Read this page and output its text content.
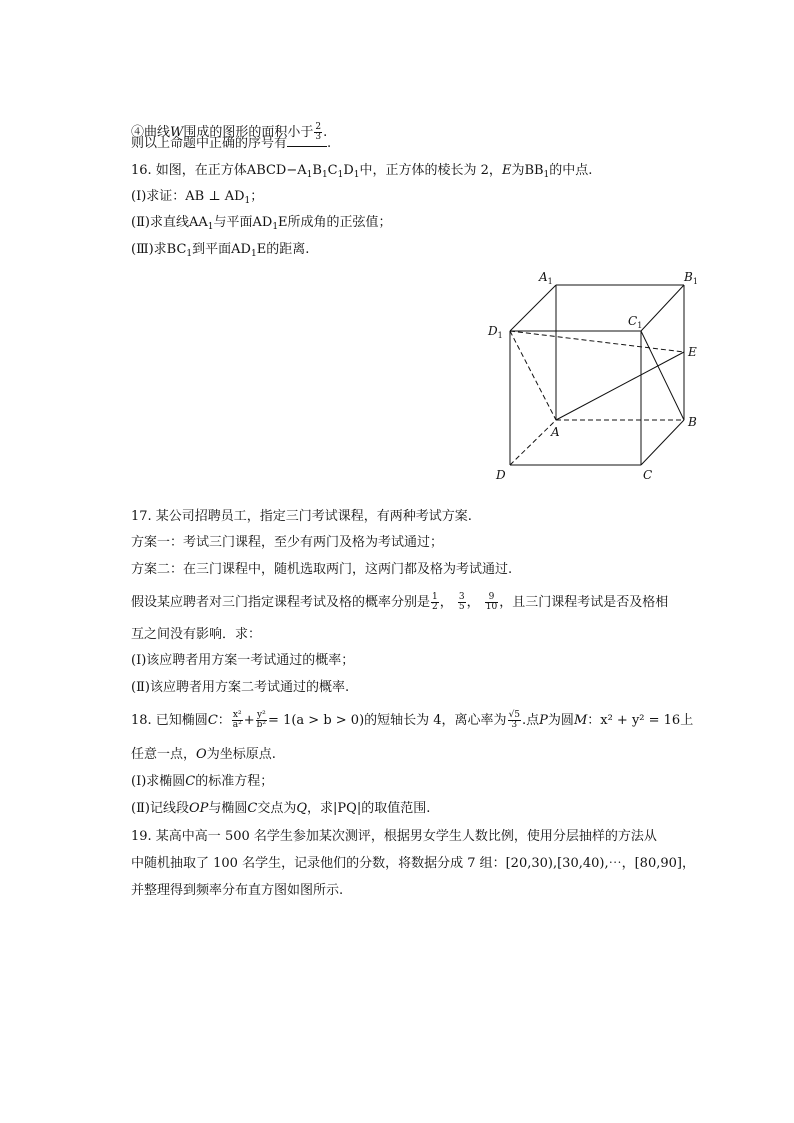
④曲线W围成的图形的面积小于 $\frac{2}{3}$ .
则以上命题中正确的序号有	.
16. 如图，在正方体$ABCD-A_1B_1C_1D_1$中，正方体的棱长为 2，E为$BB_1$的中点.
(Ⅰ)求证：AB ⊥ $AD_1$；
(Ⅱ)求直线$AA_1$与平面$AD_1E$所成角的正弦值；
(Ⅲ)求$BC_1$到平面$AD_1E$的距离.
$A_1$	$B_1$
$C_1$
$D_1$
E
A
B
C
D
17. 某公司招聘员工，指定三门考试课程，有两种考试方案.
方案一：考试三门课程，至少有两门及格为考试通过；
方案二：在三门课程中，随机选取两门，这两门都及格为考试通过.
假设某应聘者对三门指定课程考试及格的概率分别是 $\frac{1}{2}$ ， $\frac{3}{5}$ ， $\frac{9}{10}$ ，且三门课程考试是否及格相
互之间没有影响．求：
(Ⅰ)该应聘者用方案一考试通过的概率；
(Ⅱ)该应聘者用方案二考试通过的概率.
18. 已知椭圆C： $\frac{\text{x²}}{\text{a²}} + \frac{\text{y²}}{\text{b²}} = 1(a > b > 0)$的短轴长为 4，离心率为 $\frac{√5}{3}$ .点P为圆M：x² + y² = 16上
任意一点，O为坐标原点.
(Ⅰ)求椭圆C的标准方程；
(Ⅱ)记线段OP与椭圆C交点为Q，求|PQ|的取值范围.
19. 某高中高一 500 名学生参加某次测评，根据男女学生人数比例，使用分层抽样的方法从
中随机抽取了 100 名学生，记录他们的分数，将数据分成 7 组：[20,30),[30,40),⋯，[80,90]，
并整理得到频率分布直方图如图所示.
